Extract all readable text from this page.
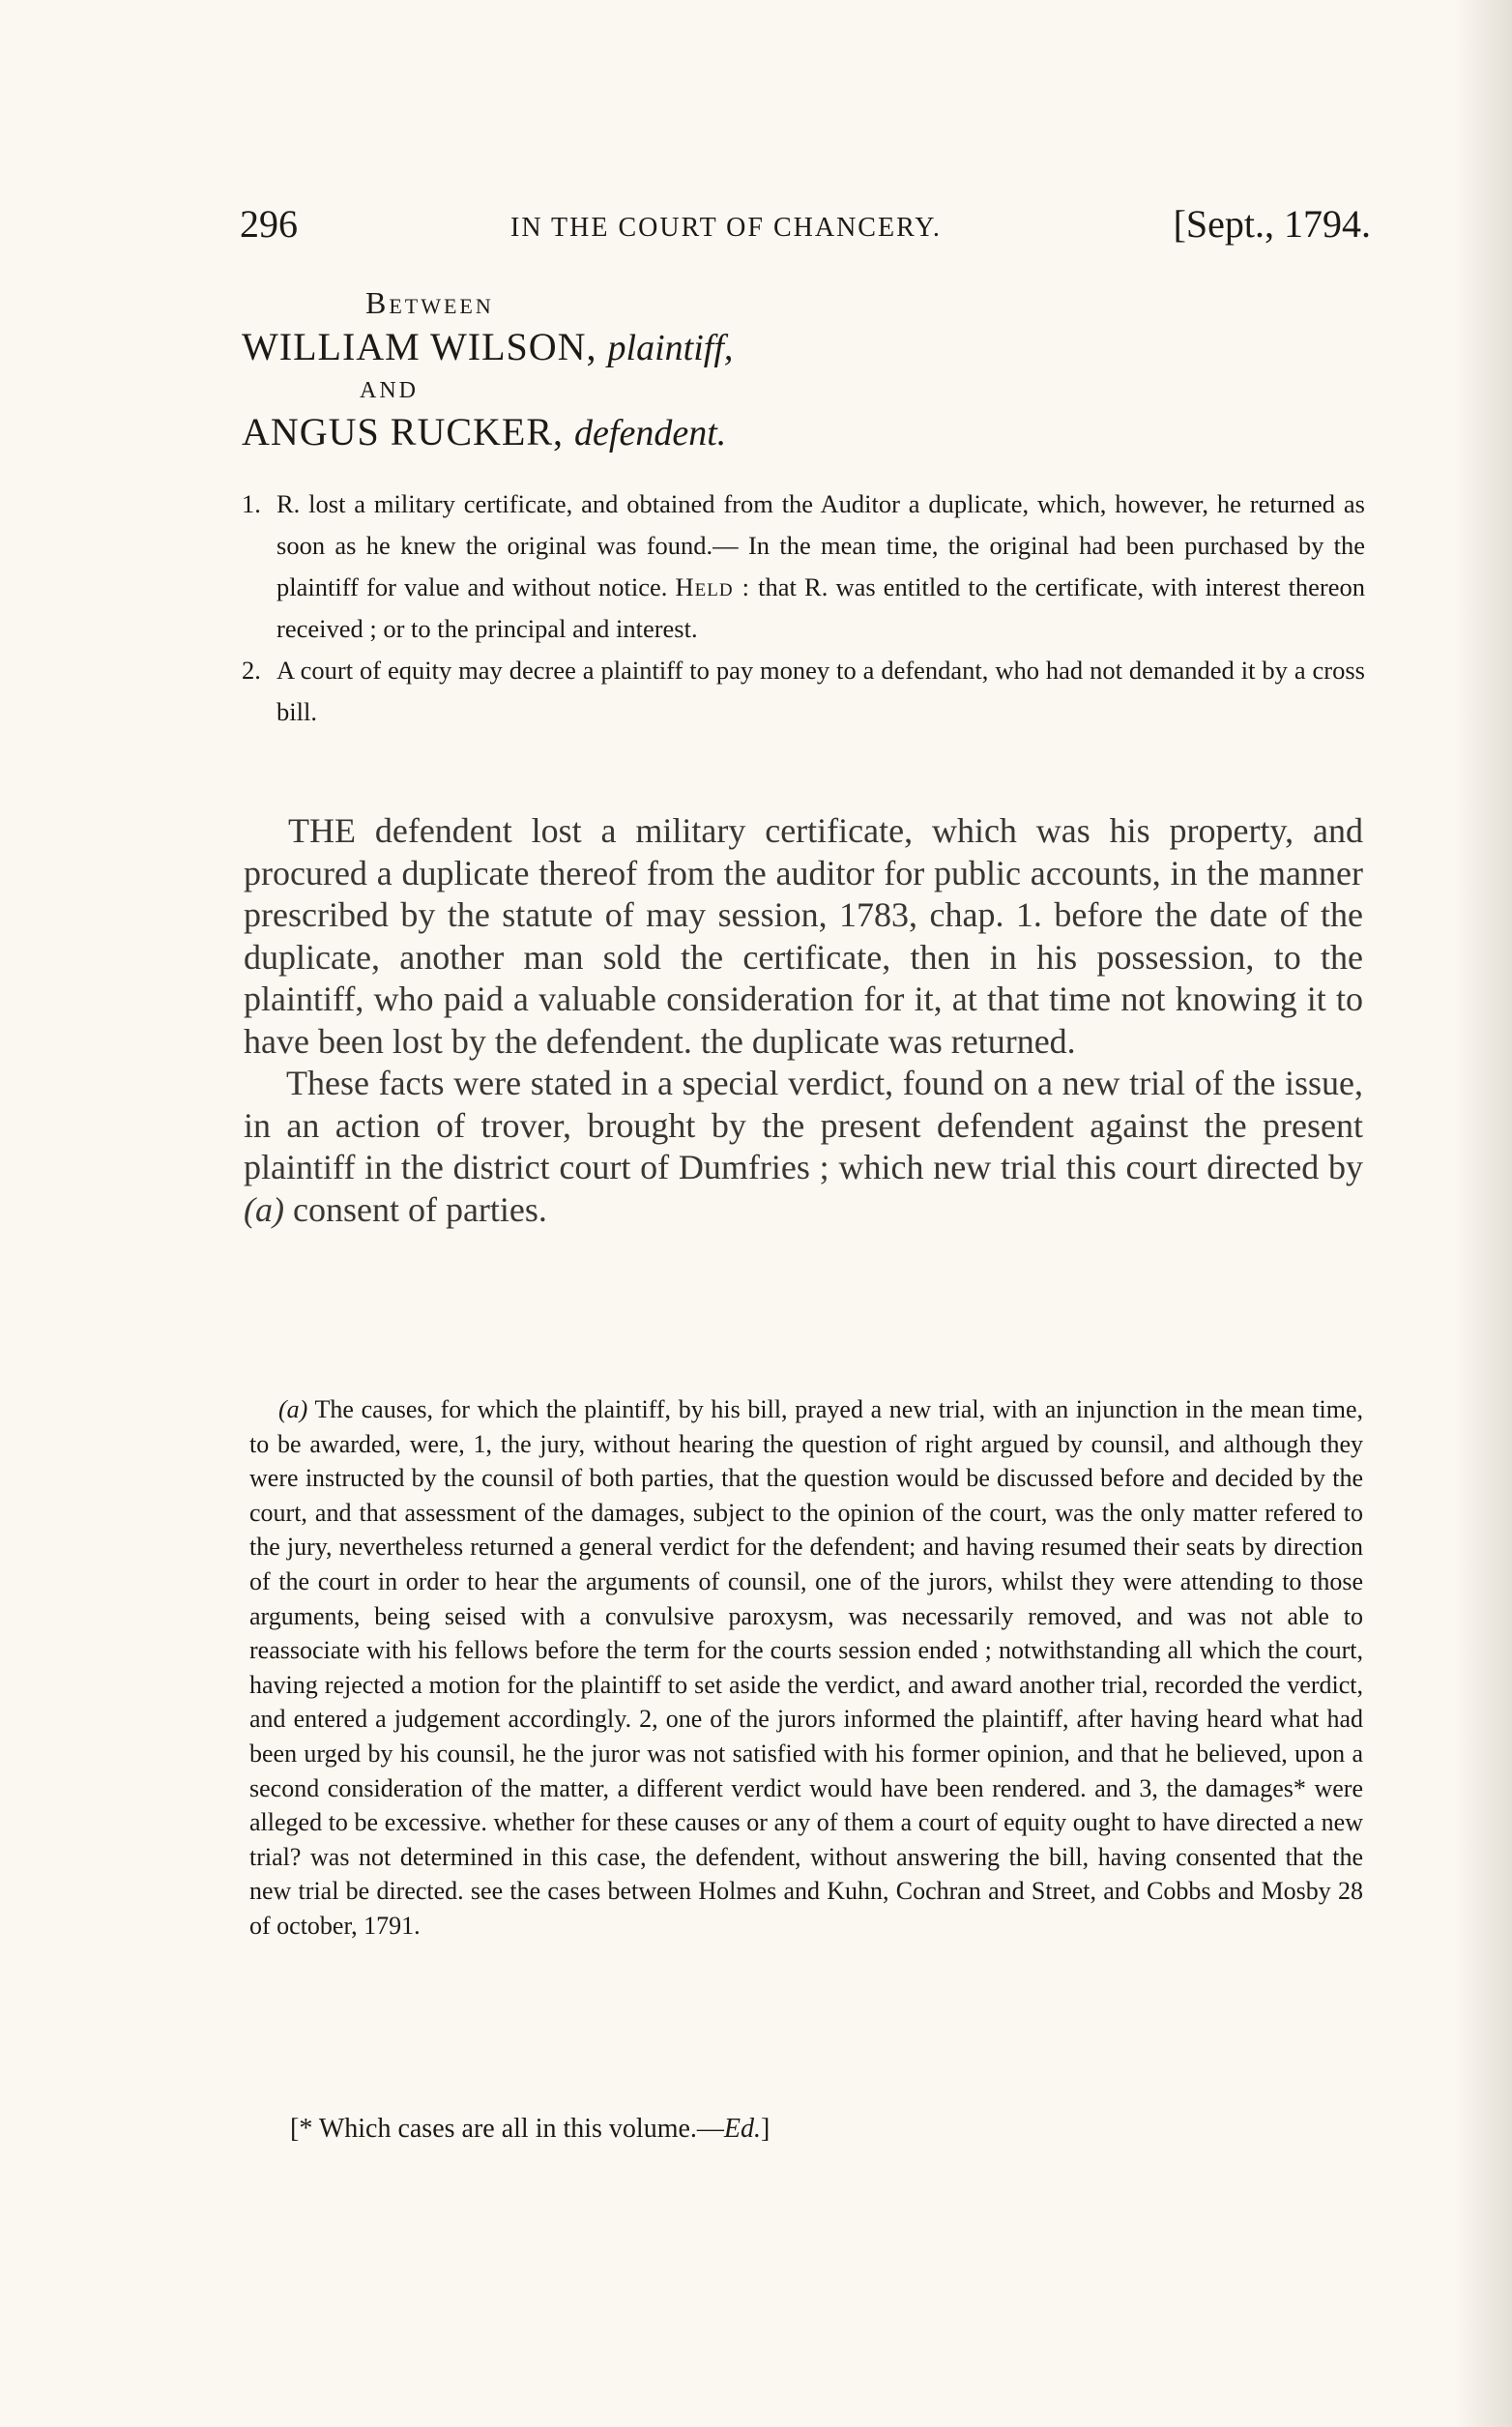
296	IN THE COURT OF CHANCERY.	[Sept., 1794.
Between
WILLIAM WILSON, plaintiff,
AND
ANGUS RUCKER, defendent.

1. R. lost a military certificate, and obtained from the Auditor a duplicate, which, however, he returned as soon as he knew the original was found.— In the mean time, the original had been purchased by the plaintiff for value and without notice. Held : that R. was entitled to the certificate, with interest thereon received ; or to the principal and interest.

2. A court of equity may decree a plaintiff to pay money to a defendant, who had not demanded it by a cross bill.

THE defendent lost a military certificate, which was his property, and procured a duplicate thereof from the auditor for public accounts, in the manner prescribed by the statute of may session, 1783, chap. 1. before the date of the duplicate, another man sold the certificate, then in his possession, to the plaintiff, who paid a valuable consideration for it, at that time not knowing it to have been lost by the defendent. the duplicate was returned.

These facts were stated in a special verdict, found on a new trial of the issue, in an action of trover, brought by the present defendent against the present plaintiff in the district court of Dumfries ; which new trial this court directed by (a) consent of parties.

(a) The causes, for which the plaintiff, by his bill, prayed a new trial, with an injunction in the mean time, to be awarded, were, 1, the jury, without hearing the question of right argued by counsil, and although they were instructed by the counsil of both parties, that the question would be discussed before and decided by the court, and that assessment of the damages, subject to the opinion of the court, was the only matter refered to the jury, nevertheless returned a general verdict for the defendent; and having resumed their seats by direction of the court in order to hear the arguments of counsil, one of the jurors, whilst they were attending to those arguments, being seised with a convulsive paroxysm, was necessarily removed, and was not able to reassociate with his fellows before the term for the courts session ended ; notwithstanding all which the court, having rejected a motion for the plaintiff to set aside the verdict, and award another trial, recorded the verdict, and entered a judgement accordingly. 2, one of the jurors informed the plaintiff, after having heard what had been urged by his counsil, he the juror was not satisfied with his former opinion, and that he believed, upon a second consideration of the matter, a different verdict would have been rendered. and 3, the damages* were alleged to be excessive. whether for these causes or any of them a court of equity ought to have directed a new trial? was not determined in this case, the defendent, without answering the bill, having consented that the new trial be directed. see the cases between Holmes and Kuhn, Cochran and Street, and Cobbs and Mosby 28 of october, 1791.

[* Which cases are all in this volume.—Ed.]
